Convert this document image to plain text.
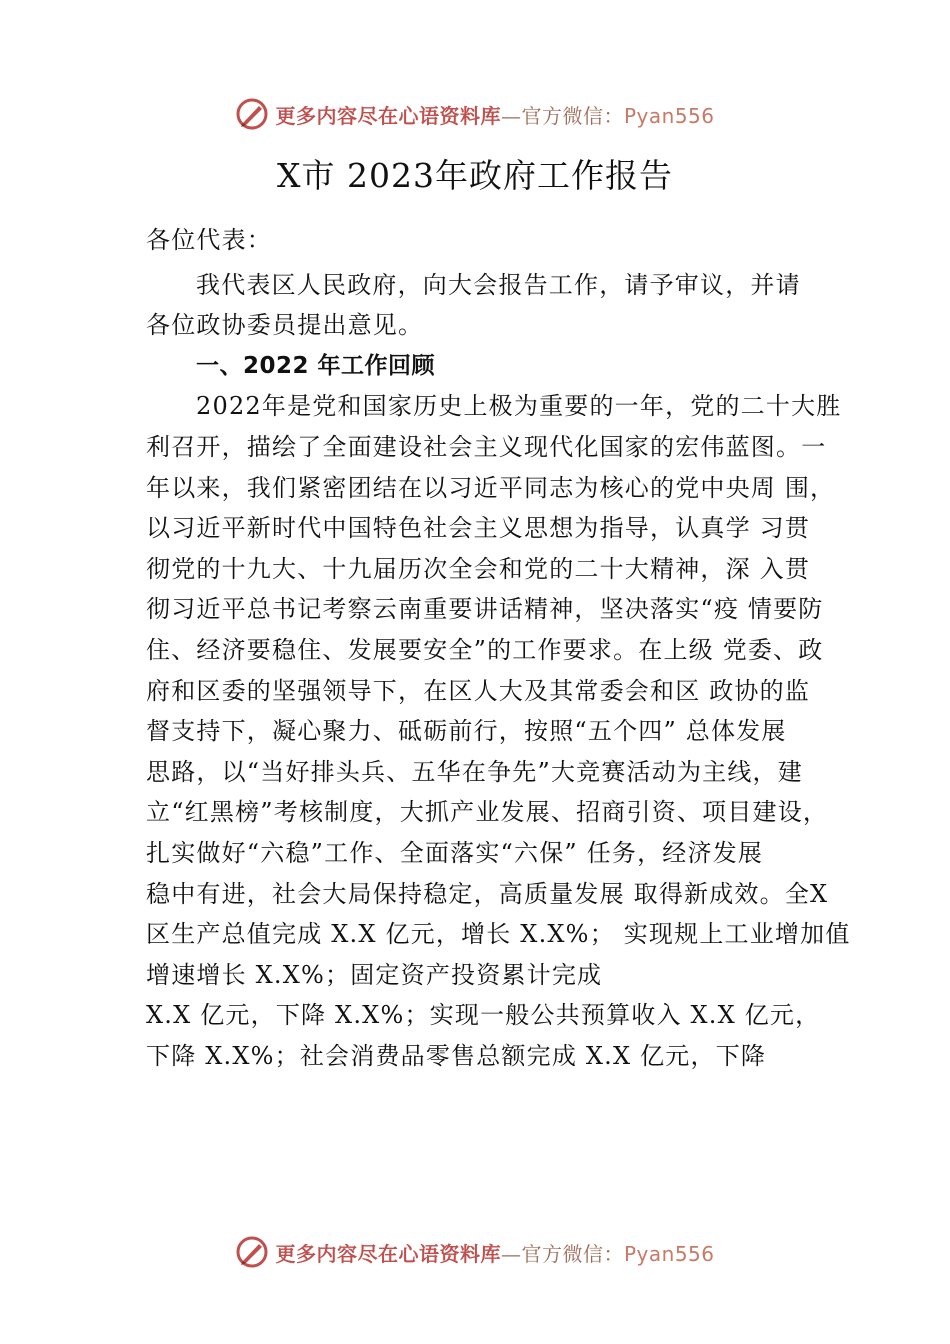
更多内容尽在心语资料库—官方微信：Pyan556
X市 2023年政府工作报告
各位代表：
我代表区人民政府，向大会报告工作，请予审议，并请
各位政协委员提出意见。
一、2022 年工作回顾
2022年是党和国家历史上极为重要的一年，党的二十大胜
利召开，描绘了全面建设社会主义现代化国家的宏伟蓝图。一
年以来，我们紧密团结在以习近平同志为核心的党中央周 围，
以习近平新时代中国特色社会主义思想为指导，认真学 习贯
彻党的十九大、十九届历次全会和党的二十大精神，深 入贯
彻习近平总书记考察云南重要讲话精神，坚决落实“疫 情要防
住、经济要稳住、发展要安全”的工作要求。在上级 党委、政
府和区委的坚强领导下，在区人大及其常委会和区 政协的监
督支持下，凝心聚力、砥砺前行，按照“五个四” 总体发展
思路，以“当好排头兵、五华在争先”大竞赛活动为主线，建
立“红黑榜”考核制度，大抓产业发展、招商引资、项目建设，
扎实做好“六稳”工作、全面落实“六保” 任务，经济发展
稳中有进，社会大局保持稳定，高质量发展 取得新成效。全X
区生产总值完成 X.X 亿元，增长 X.X%； 实现规上工业增加值
增速增长 X.X%；固定资产投资累计完成
X.X 亿元，下降 X.X%；实现一般公共预算收入 X.X 亿元，
下降 X.X%；社会消费品零售总额完成 X.X 亿元，下降
更多内容尽在心语资料库—官方微信：Pyan556
